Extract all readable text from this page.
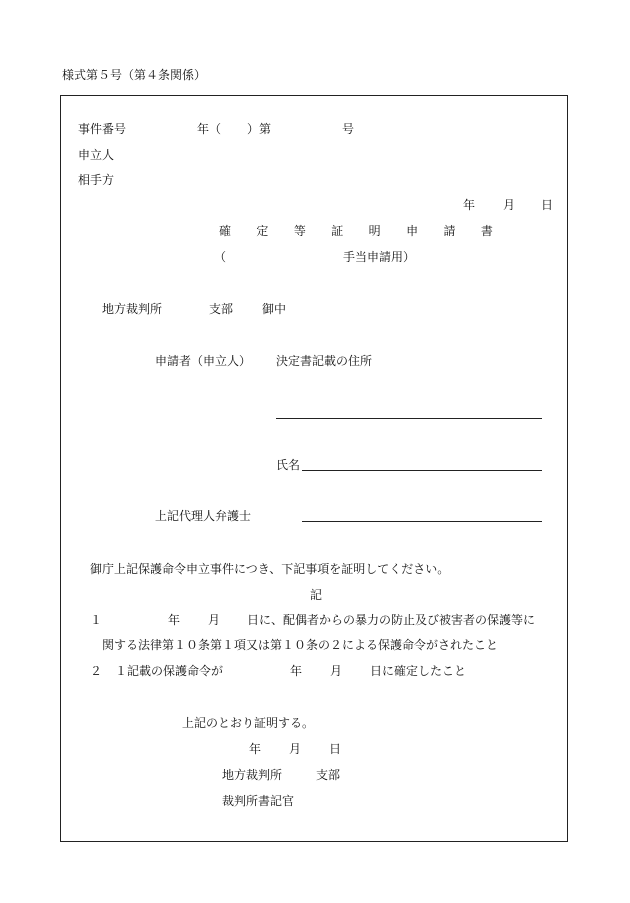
様式第５号（第４条関係）
事件番号	年（ ）第	号
申立人
相手方
年 月 日
確 定 等 証 明 申 請 書
（	手当申請用）
地方裁判所	支部 御中
申請者（申立人） 決定書記載の住所
氏名
上記代理人弁護士
御庁上記保護命令申立事件につき、下記事項を証明してください。
記
１	年 月 日に、配偶者からの暴力の防止及び被害者の保護等に
関する法律第１０条第１項又は第１０条の２による保護命令がされたこと
２ １記載の保護命令が	年 月 日に確定したこと
上記のとおり証明する。
年 月 日
地方裁判所	支部
裁判所書記官
